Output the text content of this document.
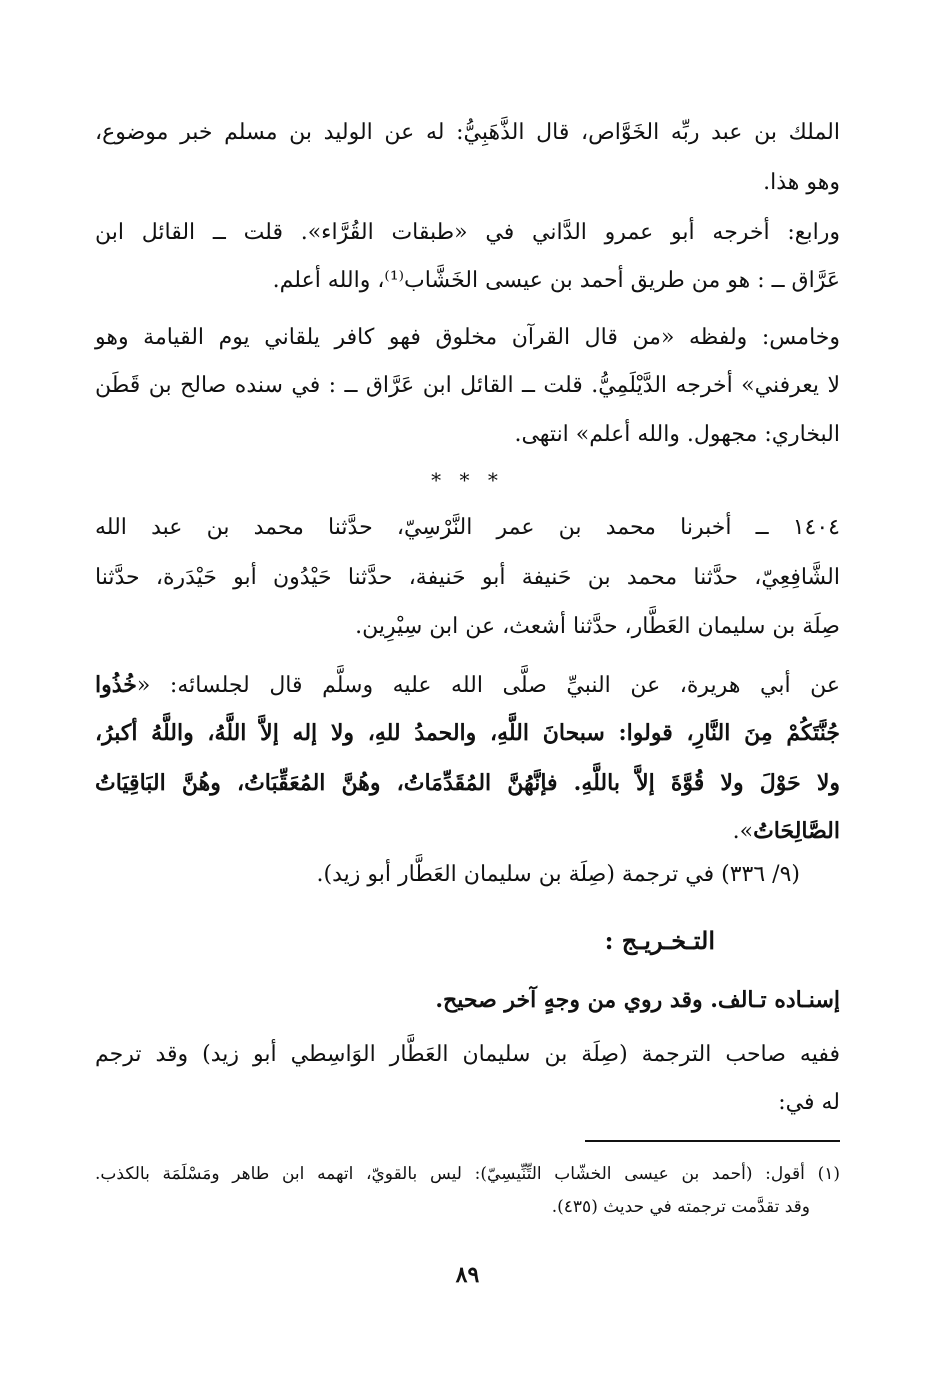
الملك بن عبد ربِّه الخَوَّاص، قال الذَّهَبِيُّ: له عن الوليد بن مسلم خبر موضوع،
وهو هذا.
ورابع: أخرجه أبو عمرو الدَّاني في «طبقات القُرَّاء». قلت ــ القائل ابن
عَرَّاق ــ : هو من طريق أحمد بن عيسى الخَشَّاب⁽¹⁾، والله أعلم.
وخامس: ولفظه «من قال القرآن مخلوق فهو كافر يلقاني يوم القيامة وهو
لا يعرفني» أخرجه الدَّيْلَمِيُّ. قلت ــ القائل ابن عَرَّاق ــ : في سنده صالح بن قَطَن
البخاري: مجهول. والله أعلم» انتهى.
* * *
١٤٠٤ ــ أخبرنا محمد بن عمر النَّرْسِيّ، حدَّثنا محمد بن عبد الله
الشَّافِعِيّ، حدَّثنا محمد بن حَنيفة أبو حَنيفة، حدَّثنا حَيْدُون أبو حَيْدَرة، حدَّثنا
صِلَة بن سليمان العَطَّار، حدَّثنا أشعث، عن ابن سِيْرِين.
عن أبي هريرة، عن النبيِّ صلَّى الله عليه وسلَّم قال لجلسائه: «خُذُوا
جُنَّتَكُمْ مِنَ النَّارِ، قولوا: سبحانَ اللَّهِ، والحمدُ للهِ، ولا إله إلاَّ اللَّهُ، واللَّهُ أكبرُ،
ولا حَوْلَ ولا قُوَّةَ إلاَّ باللَّهِ. فإنَّهُنَّ المُقَدِّمَاتُ، وهُنَّ المُعَقِّبَاتُ، وهُنَّ البَاقِيَاتُ
الصَّالِحَاتُ».
(٩/ ٣٣٦) في ترجمة (صِلَة بن سليمان العَطَّار أبو زيد).
التـخـريـج :
إسنـاده تـالف. وقد روي من وجهٍ آخر صحيح.
ففيه صاحب الترجمة (صِلَة بن سليمان العَطَّار الوَاسِطي أبو زيد) وقد ترجم
له في:
(١) أقول: (أحمد بن عيسى الخشّاب التِّنِّيسِيّ): ليس بالقويّ، اتهمه ابن طاهر ومَسْلَمَة بالكذب.
وقد تقدَّمت ترجمته في حديث (٤٣٥).
٨٩
